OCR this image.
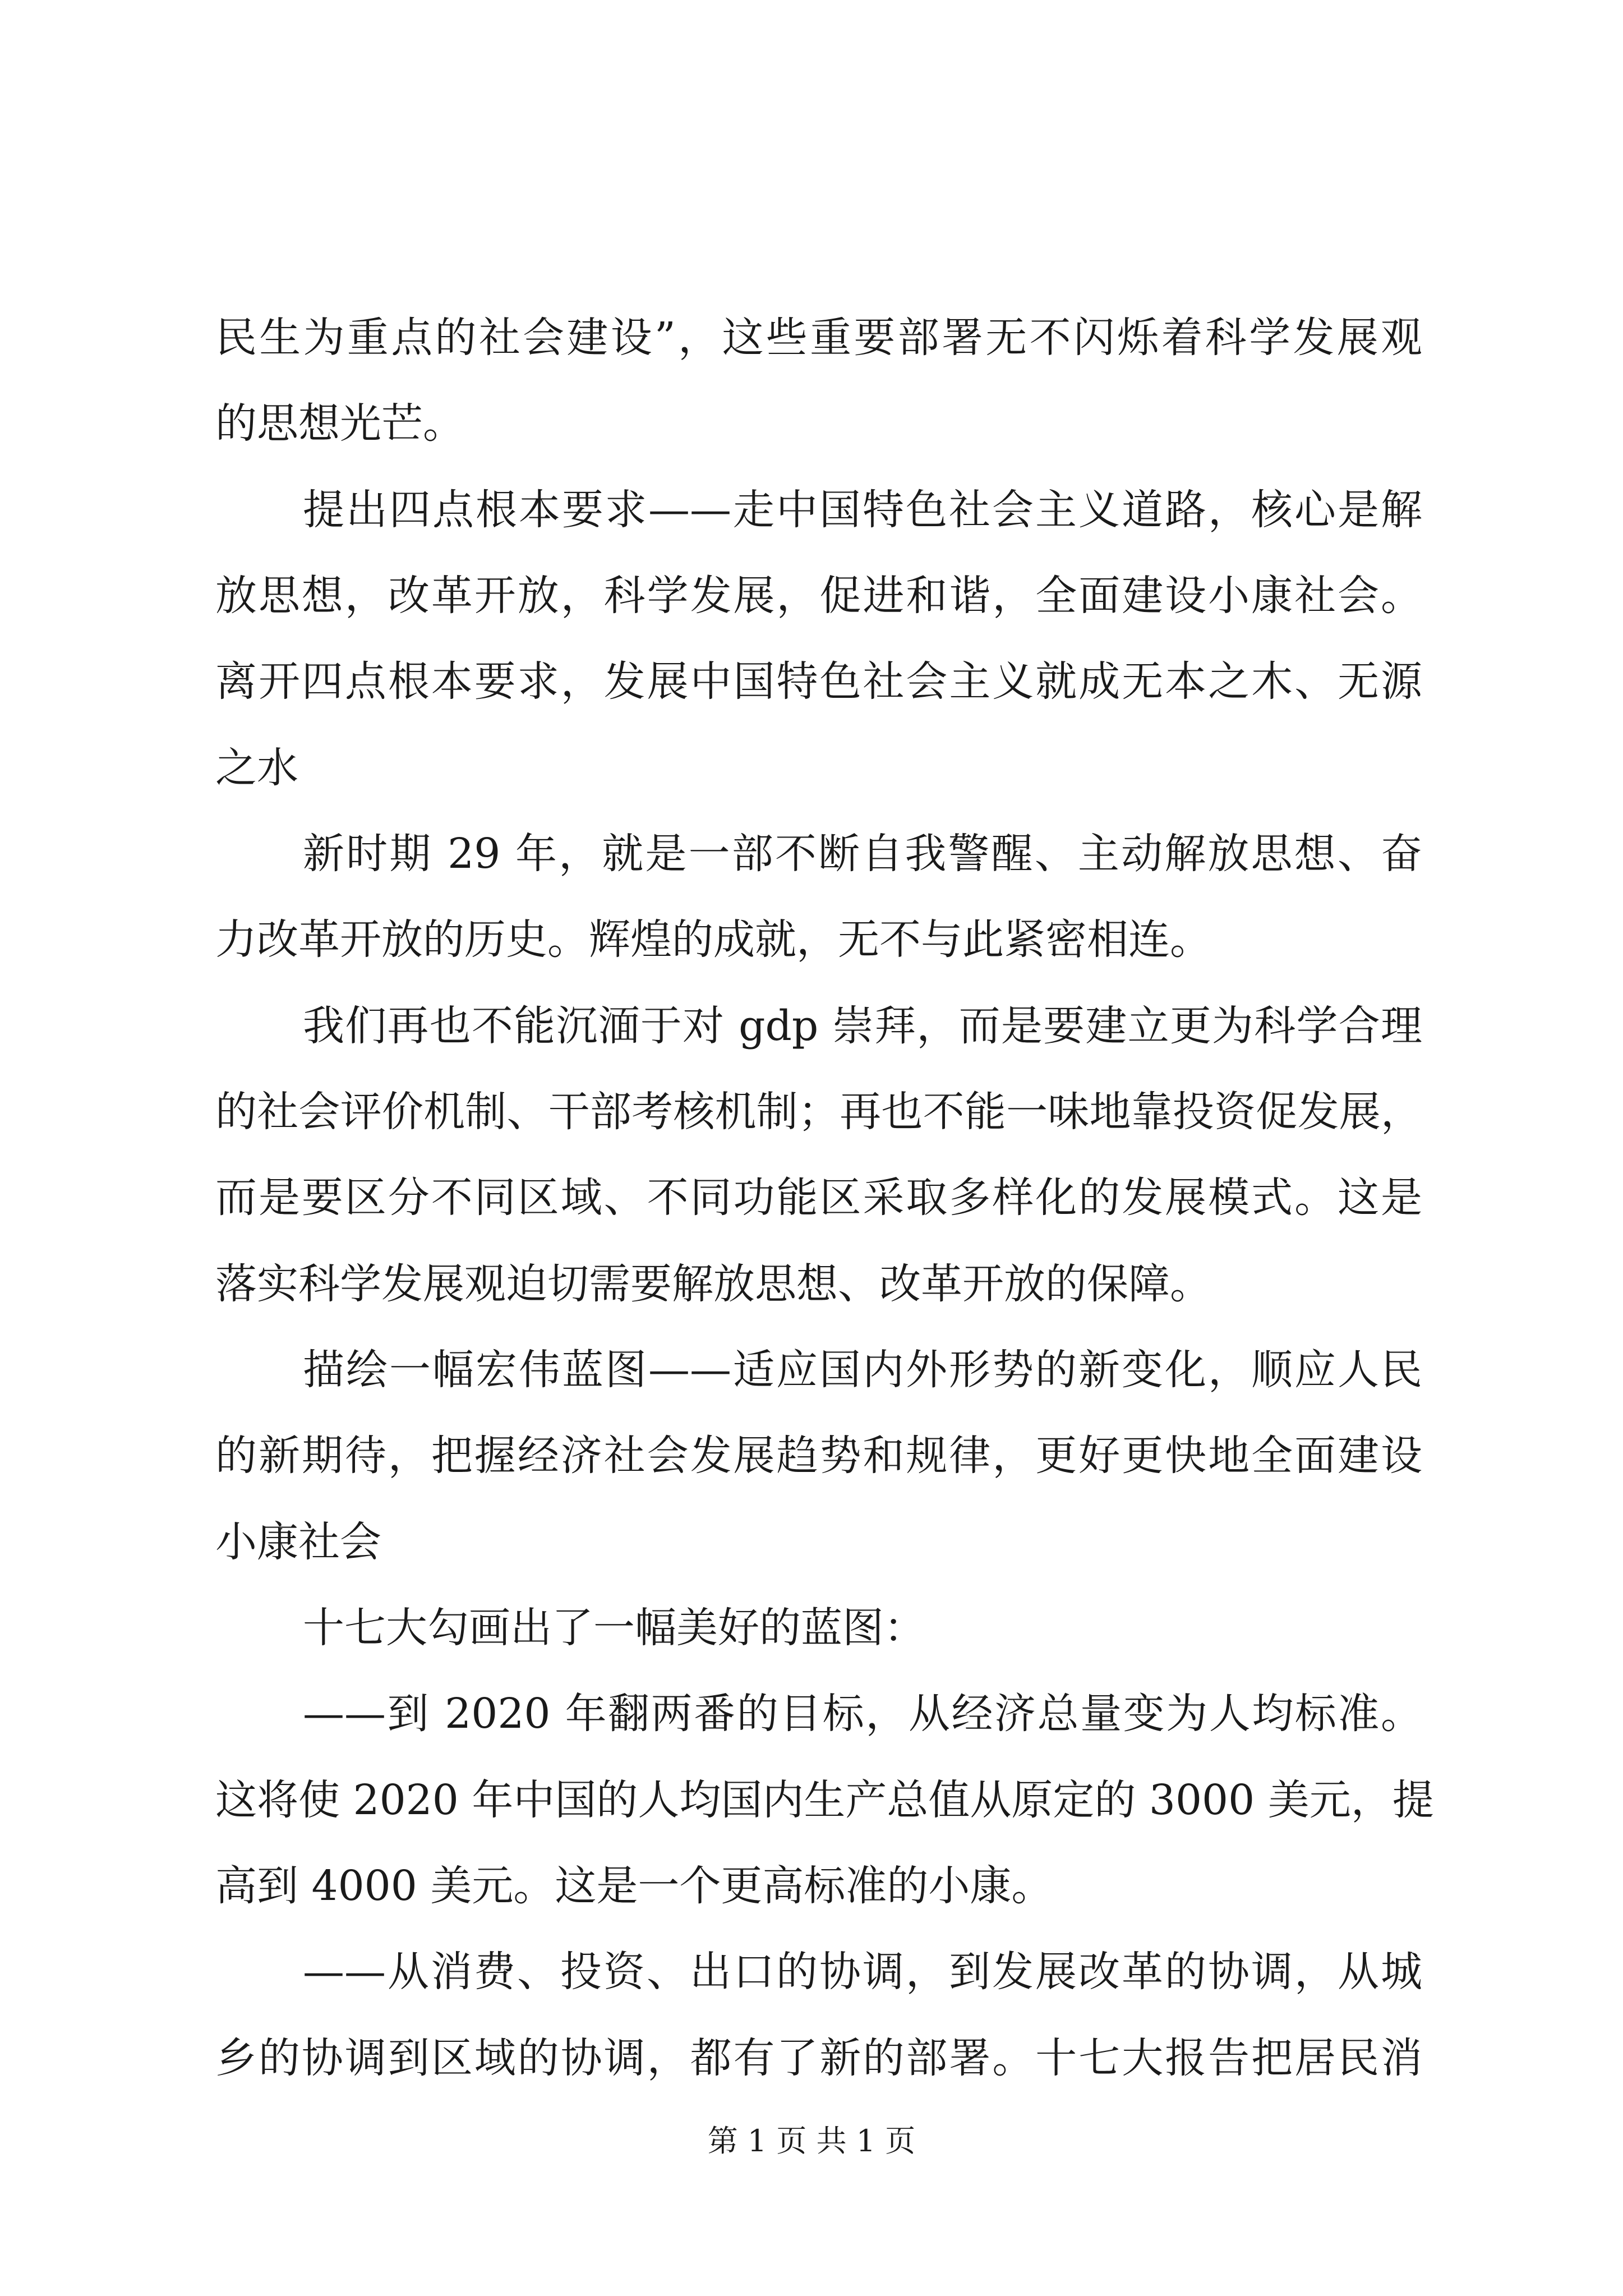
民生为重点的社会建设”，这些重要部署无不闪烁着科学发展观
的思想光芒。
提出四点根本要求——走中国特色社会主义道路，核心是解
放思想，改革开放，科学发展，促进和谐，全面建设小康社会。
离开四点根本要求，发展中国特色社会主义就成无本之木、无源
之水
新时期 29 年，就是一部不断自我警醒、主动解放思想、奋
力改革开放的历史。辉煌的成就，无不与此紧密相连。
我们再也不能沉湎于对 gdp 崇拜，而是要建立更为科学合理
的社会评价机制、干部考核机制；再也不能一味地靠投资促发展，
而是要区分不同区域、不同功能区采取多样化的发展模式。这是
落实科学发展观迫切需要解放思想、改革开放的保障。
描绘一幅宏伟蓝图——适应国内外形势的新变化，顺应人民
的新期待，把握经济社会发展趋势和规律，更好更快地全面建设
小康社会
十七大勾画出了一幅美好的蓝图：
——到 2020 年翻两番的目标，从经济总量变为人均标准。
这将使 2020 年中国的人均国内生产总值从原定的 3000 美元，提
高到 4000 美元。这是一个更高标准的小康。
——从消费、投资、出口的协调，到发展改革的协调，从城
乡的协调到区域的协调，都有了新的部署。十七大报告把居民消
第 1 页 共 1 页
